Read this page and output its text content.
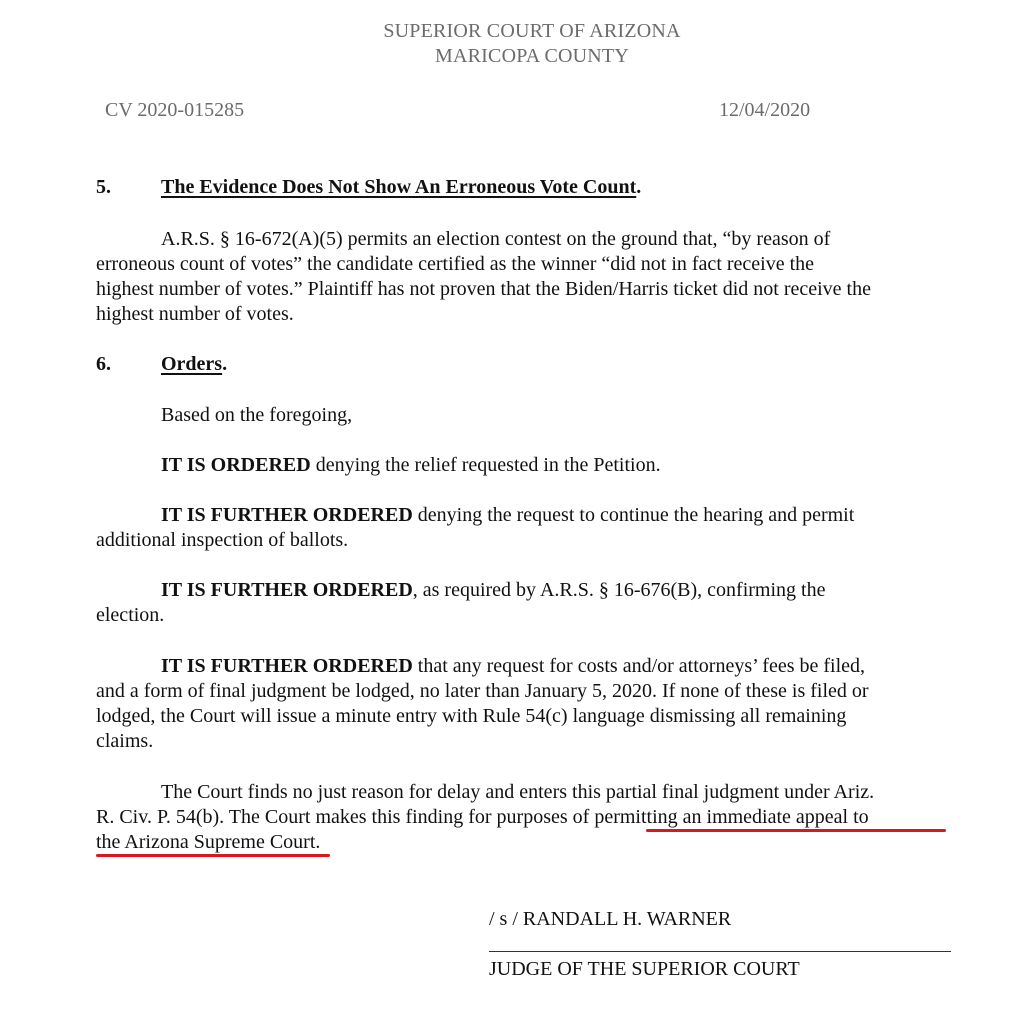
SUPERIOR COURT OF ARIZONA
MARICOPA COUNTY
CV 2020-015285	12/04/2020
5.	The Evidence Does Not Show An Erroneous Vote Count.
A.R.S. § 16-672(A)(5) permits an election contest on the ground that, “by reason of
erroneous count of votes” the candidate certified as the winner “did not in fact receive the
highest number of votes.” Plaintiff has not proven that the Biden/Harris ticket did not receive the
highest number of votes.
6.	Orders.
Based on the foregoing,
IT IS ORDERED denying the relief requested in the Petition.
IT IS FURTHER ORDERED denying the request to continue the hearing and permit
additional inspection of ballots.
IT IS FURTHER ORDERED, as required by A.R.S. § 16-676(B), confirming the
election.
IT IS FURTHER ORDERED that any request for costs and/or attorneys’ fees be filed,
and a form of final judgment be lodged, no later than January 5, 2020. If none of these is filed or
lodged, the Court will issue a minute entry with Rule 54(c) language dismissing all remaining
claims.
The Court finds no just reason for delay and enters this partial final judgment under Ariz.
R. Civ. P. 54(b). The Court makes this finding for purposes of permitting an immediate appeal to
the Arizona Supreme Court.
/ s / RANDALL H. WARNER
JUDGE OF THE SUPERIOR COURT
